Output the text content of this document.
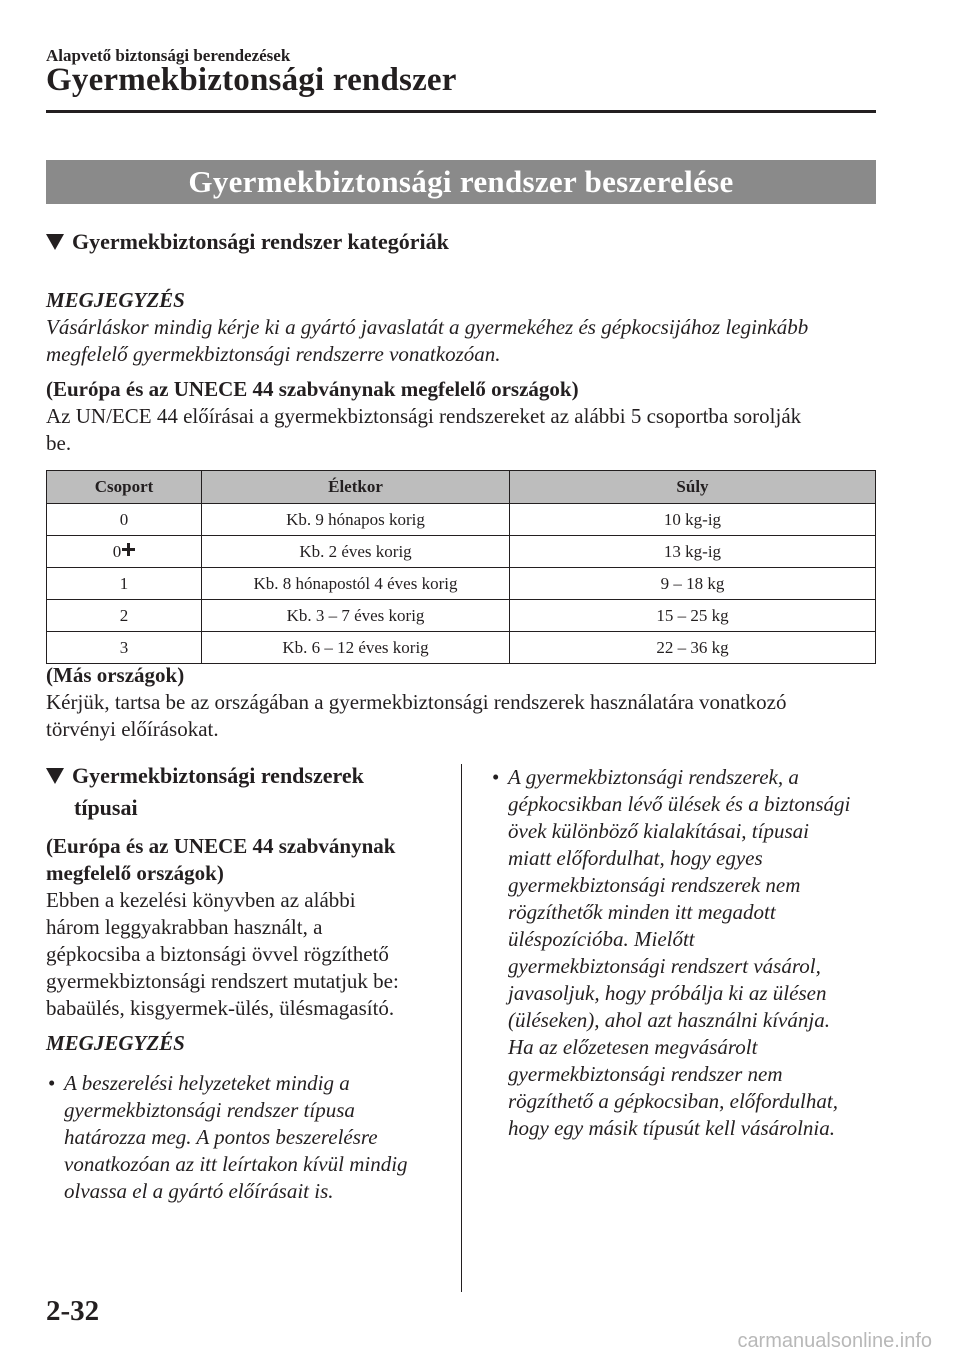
Alapvető biztonsági berendezések
Gyermekbiztonsági rendszer
Gyermekbiztonsági rendszer beszerelése
Gyermekbiztonsági rendszer kategóriák
MEGJEGYZÉS
Vásárláskor mindig kérje ki a gyártó javaslatát a gyermekéhez és gépkocsijához leginkább
megfelelő gyermekbiztonsági rendszerre vonatkozóan.
(Európa és az UNECE 44 szabványnak megfelelő országok)
Az UN/ECE 44 előírásai a gyermekbiztonsági rendszereket az alábbi 5 csoportba sorolják
be.
Csoport	Életkor	Súly
0	Kb. 9 hónapos korig	10 kg-ig
0	Kb. 2 éves korig	13 kg-ig
1	Kb. 8 hónapostól 4 éves korig	9 – 18 kg
2	Kb. 3 – 7 éves korig	15 – 25 kg
3	Kb. 6 – 12 éves korig	22 – 36 kg
(Más országok)
Kérjük, tartsa be az országában a gyermekbiztonsági rendszerek használatára vonatkozó
törvényi előírásokat.
Gyermekbiztonsági rendszerek
típusai
(Európa és az UNECE 44 szabványnak
megfelelő országok)
Ebben a kezelési könyvben az alábbi
három leggyakrabban használt, a
gépkocsiba a biztonsági övvel rögzíthető
gyermekbiztonsági rendszert mutatjuk be:
babaülés, kisgyermek-ülés, ülésmagasító.
MEGJEGYZÉS
• A beszerelési helyzeteket mindig a
gyermekbiztonsági rendszer típusa
határozza meg. A pontos beszerelésre
vonatkozóan az itt leírtakon kívül mindig
olvassa el a gyártó előírásait is.
• A gyermekbiztonsági rendszerek, a
gépkocsikban lévő ülések és a biztonsági
övek különböző kialakításai, típusai
miatt előfordulhat, hogy egyes
gyermekbiztonsági rendszerek nem
rögzíthetők minden itt megadott
üléspozícióba. Mielőtt
gyermekbiztonsági rendszert vásárol,
javasoljuk, hogy próbálja ki az ülésen
(üléseken), ahol azt használni kívánja.
Ha az előzetesen megvásárolt
gyermekbiztonsági rendszer nem
rögzíthető a gépkocsiban, előfordulhat,
hogy egy másik típusút kell vásárolnia.
2-32
carmanualsonline.info
